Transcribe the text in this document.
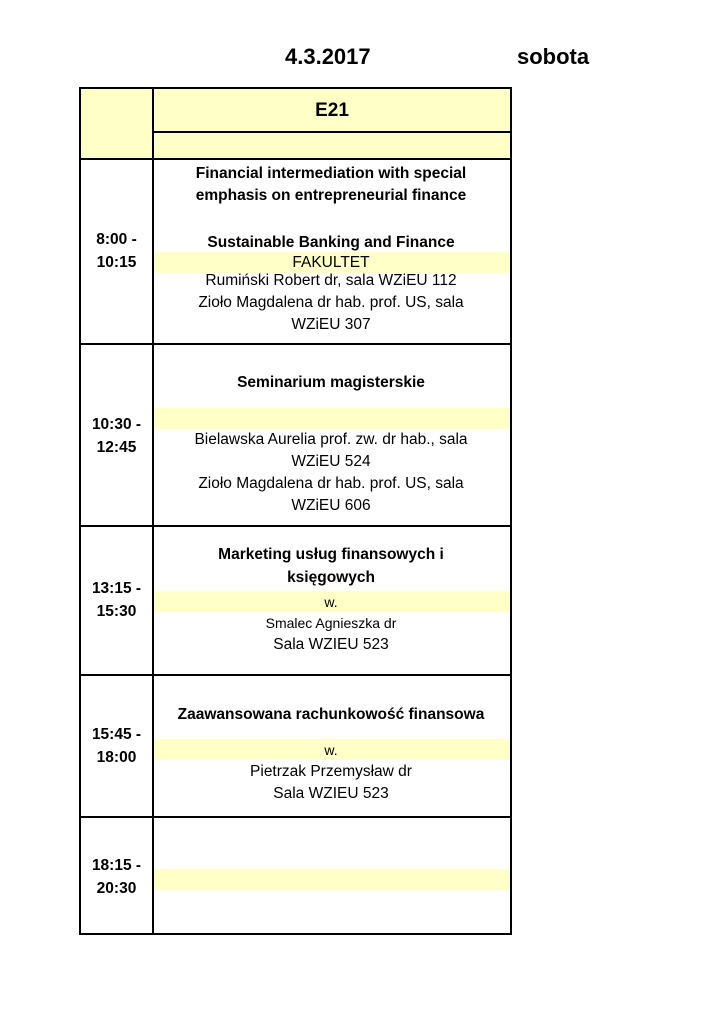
4.3.2017	sobota
E21
8:00 -
10:15
Financial intermediation with special
emphasis on entrepreneurial finance
Sustainable Banking and Finance
FAKULTET
Rumiński Robert dr, sala WZiEU 112
Zioło Magdalena dr hab. prof. US, sala
WZiEU 307
10:30 -
12:45
Seminarium magisterskie
Bielawska Aurelia prof. zw. dr hab., sala
WZiEU 524
Zioło Magdalena dr hab. prof. US, sala
WZiEU 606
13:15 -
15:30
Marketing usług finansowych i
księgowych
w.
Smalec Agnieszka dr
Sala WZIEU 523
15:45 -
18:00
Zaawansowana rachunkowość finansowa
w.
Pietrzak Przemysław dr
Sala WZIEU 523
18:15 -
20:30
